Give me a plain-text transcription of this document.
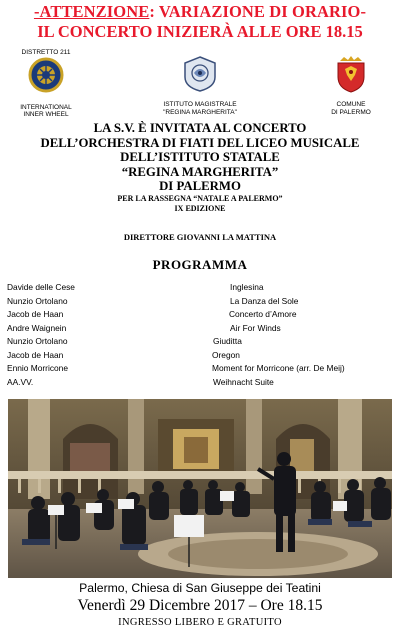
-ATTENZIONE: VARIAZIONE DI ORARIO-
IL CONCERTO INIZIERÀ ALLE ORE 18.15
DISTRETTO 211
INTERNATIONAL
INNER WHEEL
ISTITUTO MAGISTRALE
"REGINA MARGHERITA"
COMUNE
DI PALERMO
LA S.V. È INVITATA AL CONCERTO
DELL’ORCHESTRA DI FIATI DEL LICEO MUSICALE
DELL’ISTITUTO STATALE
“REGINA MARGHERITA”
DI PALERMO
PER LA RASSEGNA “NATALE A PALERMO”
IX EDIZIONE
DIRETTORE GIOVANNI LA MATTINA
PROGRAMMA
Davide delle Cese	Inglesina
Nunzio Ortolano	La Danza del Sole
Jacob de Haan	Concerto d’Amore
Andre Waignein	Air For Winds
Nunzio Ortolano	Giuditta
Jacob de Haan	Oregon
Ennio Morricone	Moment for Morricone (arr. De Meij)
AA.VV.	Weihnacht Suite
Palermo, Chiesa di San Giuseppe dei Teatini
Venerdì 29 Dicembre 2017 – Ore 18.15
INGRESSO LIBERO E GRATUITO
